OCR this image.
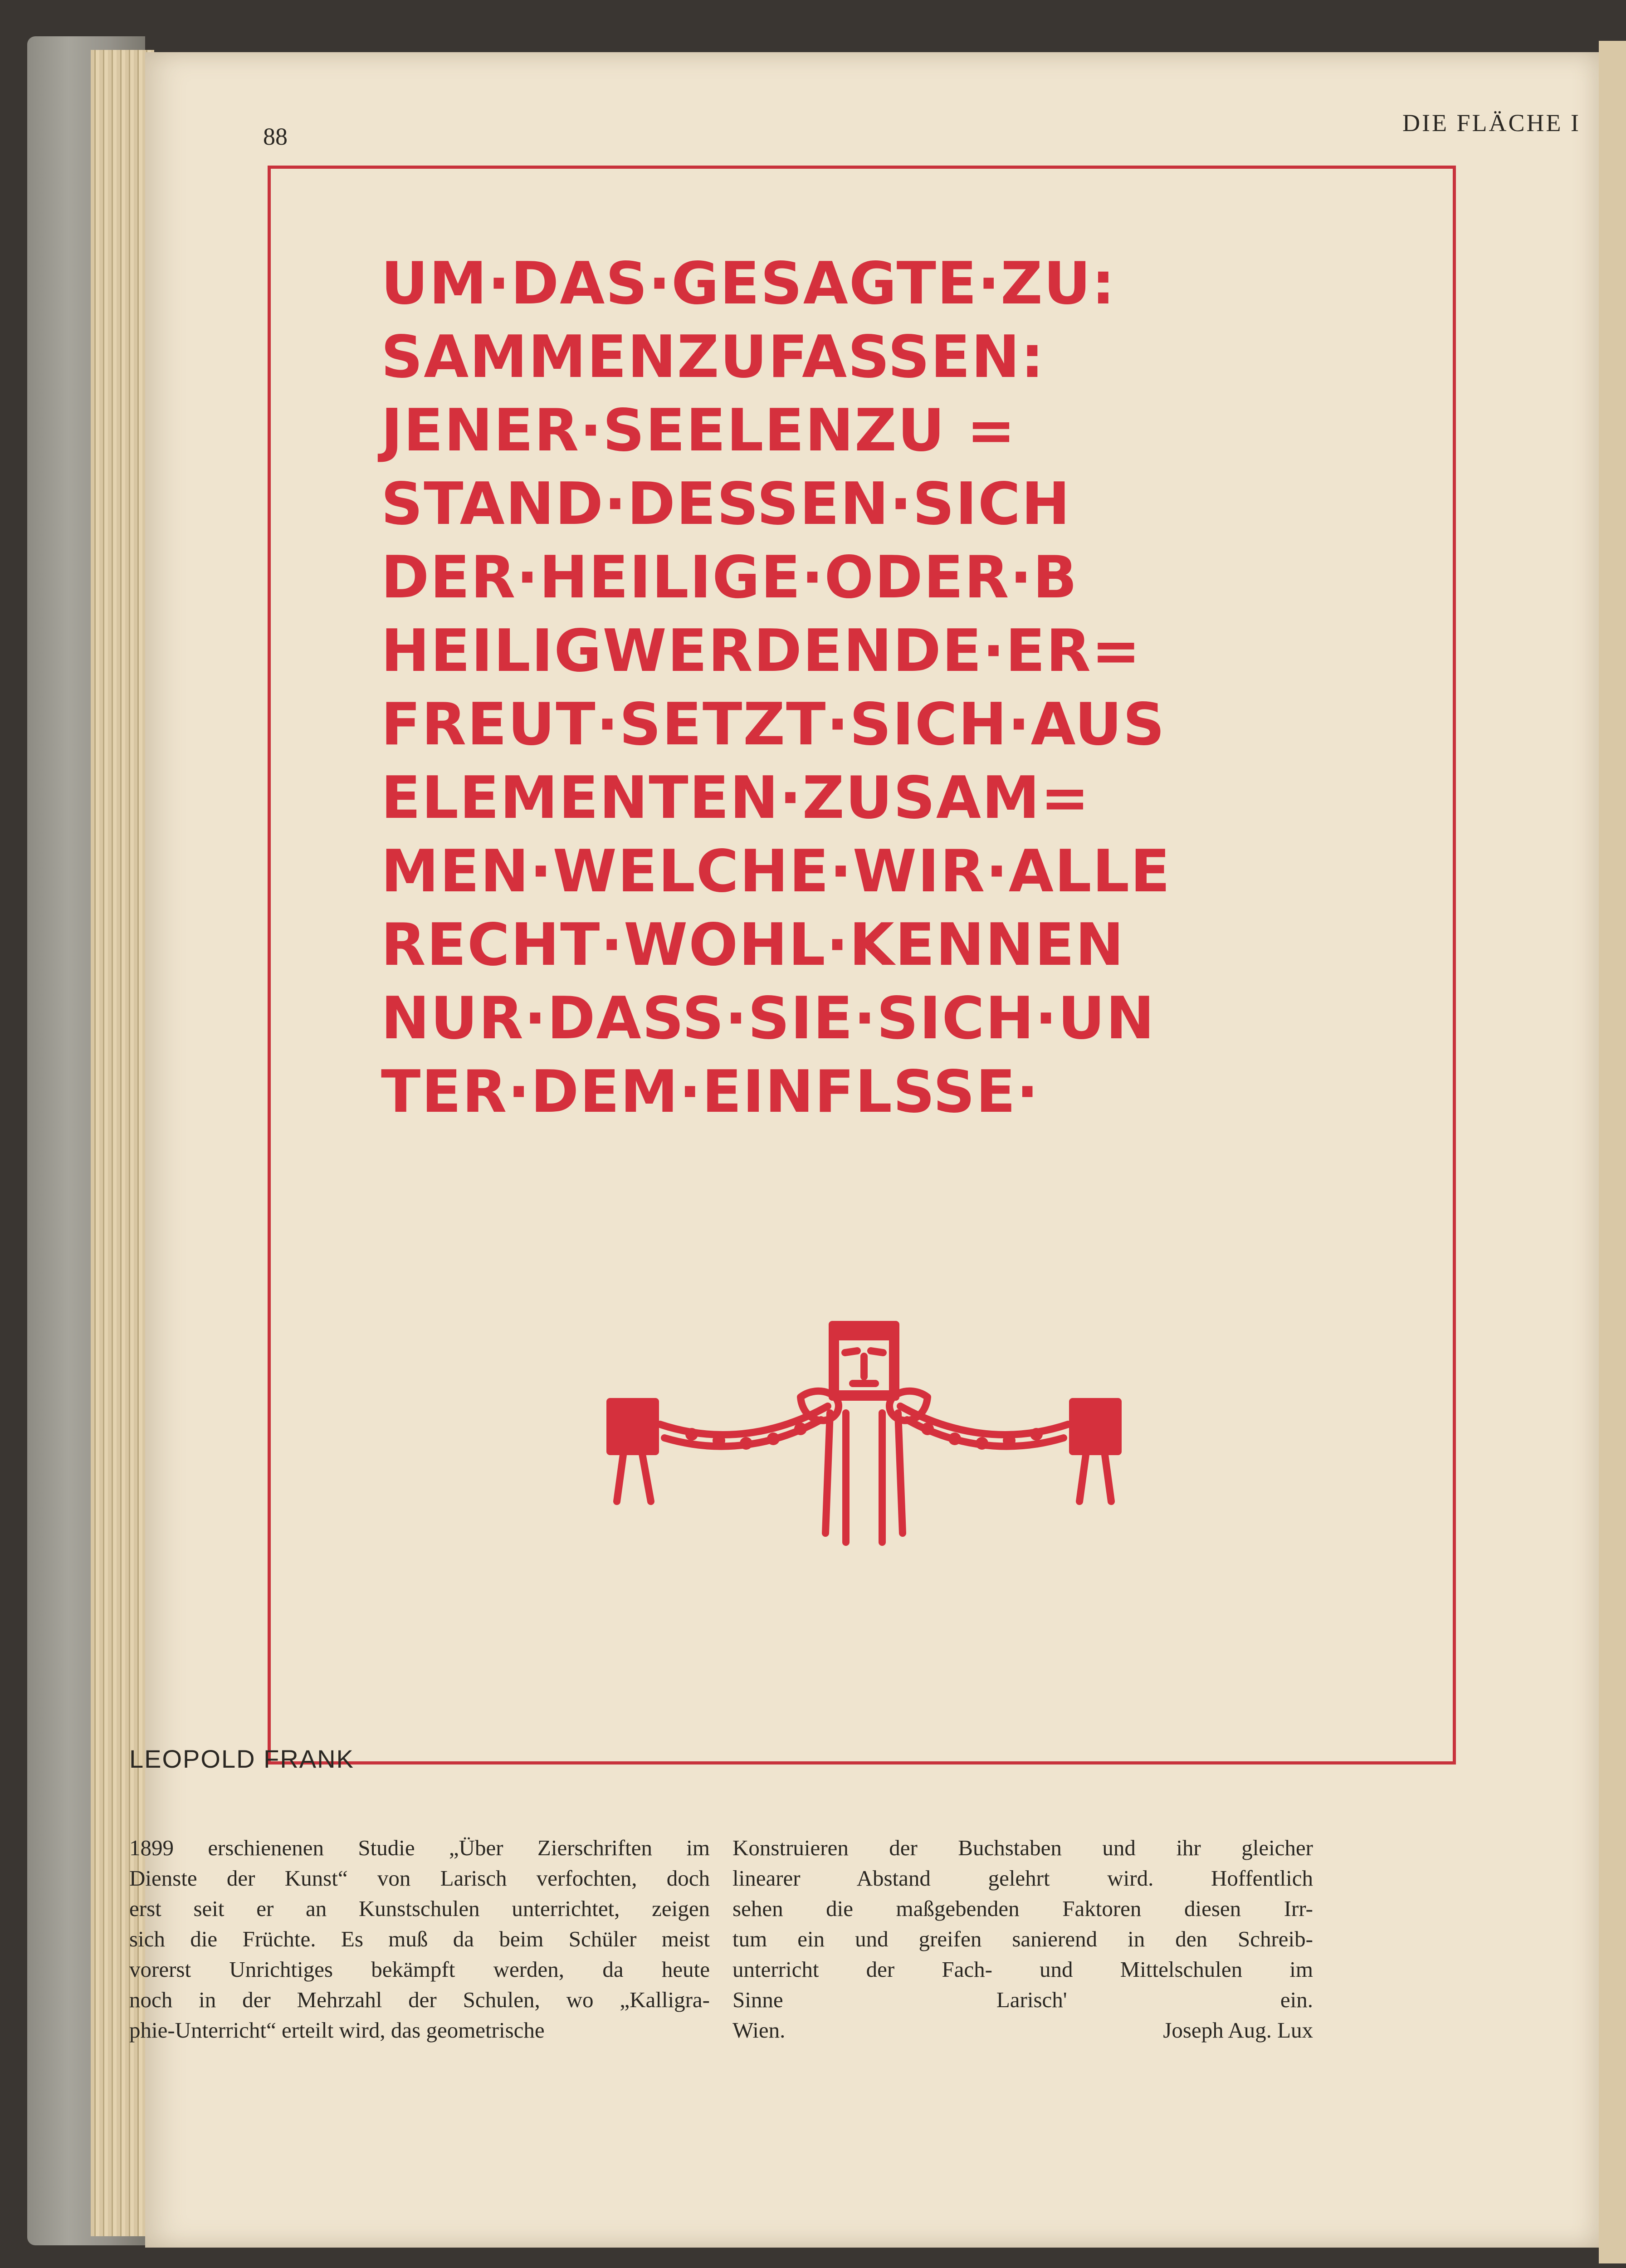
88	DIE FLÄCHE I
UM·DAS·GESAGTE·ZU:
SAMMENZUFASSEN:
JENER·SEELENZU =
STAND·DESSEN·SICH
DER·HEILIGE·ODER·B
HEILIGWERDENDE·ER=
FREUT·SETZT·SICH·AUS
ELEMENTEN·ZUSAM=
MEN·WELCHE·WIR·ALLE
RECHT·WOHL·KENNEN
NUR·DASS·SIE·SICH·UN
TER·DEM·EINFLSSE·
LEOPOLD FRANK

1899 erschienenen Studie „Über Zierschriften im

Dienste der Kunst“ von Larisch verfochten, doch

erst seit er an Kunstschulen unterrichtet, zeigen

sich die Früchte. Es muß da beim Schüler meist

vorerst Unrichtiges bekämpft werden, da heute

noch in der Mehrzahl der Schulen, wo „Kalligra-

phie-Unterricht“ erteilt wird, das geometrische

Konstruieren der Buchstaben und ihr gleicher

linearer Abstand gelehrt wird. Hoffentlich

sehen die maßgebenden Faktoren diesen Irr-

tum ein und greifen sanierend in den Schreib-

unterricht der Fach- und Mittelschulen im

Sinne Larisch' ein.

Wien.	Joseph Aug. Lux
